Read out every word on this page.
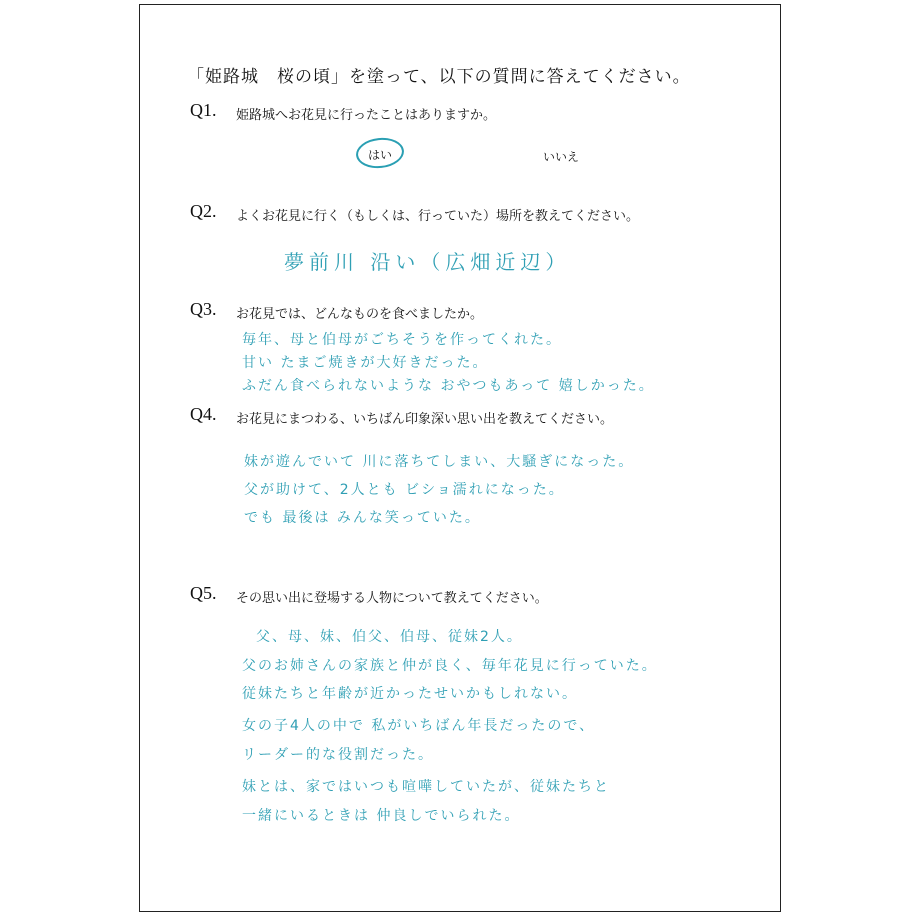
「姫路城　桜の頃」を塗って、以下の質問に答えてください。
Q1. 姫路城へお花見に行ったことはありますか。
はい	いいえ
Q2. よくお花見に行く（もしくは、行っていた）場所を教えてください。
夢前川 沿い（広畑近辺）
Q3. お花見では、どんなものを食べましたか。
毎年、母と伯母がごちそうを作ってくれた。
甘い たまご焼きが大好きだった。
ふだん食べられないような おやつもあって 嬉しかった。
Q4. お花見にまつわる、いちばん印象深い思い出を教えてください。
妹が遊んでいて 川に落ちてしまい、大騒ぎになった。
父が助けて、2人とも ビショ濡れになった。
でも 最後は みんな笑っていた。
Q5. その思い出に登場する人物について教えてください。
父、母、妹、伯父、伯母、従妹2人。
父のお姉さんの家族と仲が良く、毎年花見に行っていた。
従妹たちと年齢が近かったせいかもしれない。
女の子4人の中で 私がいちばん年長だったので、
リーダー的な役割だった。
妹とは、家ではいつも喧嘩していたが、従妹たちと
一緒にいるときは 仲良しでいられた。
